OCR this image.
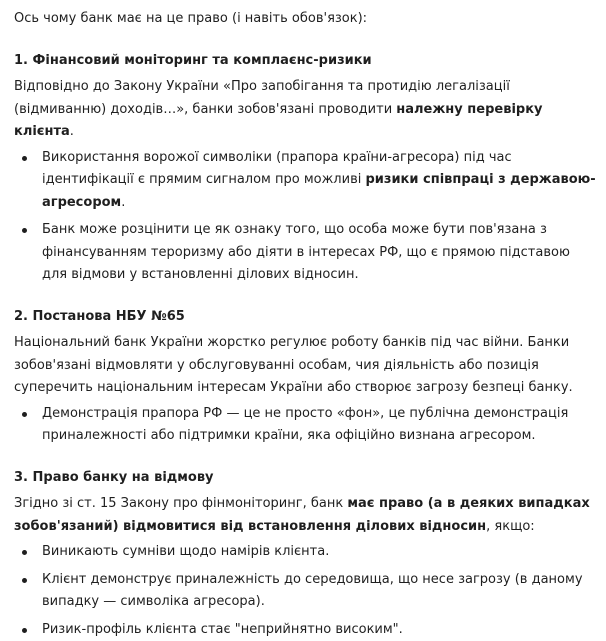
Ось чому банк має на це право (і навіть обов'язок):

1. Фінансовий моніторинг та комплаєнс-ризики

Відповідно до Закону України «Про запобігання та протидію легалізації (відмиванню) доходів…», банки зобов'язані проводити належну перевірку клієнта.

Використання ворожої символіки (прапора країни-агресора) під час ідентифікації є прямим сигналом про можливі ризики співпраці з державою-агресором.
Банк може розцінити це як ознаку того, що особа може бути пов'язана з фінансуванням тероризму або діяти в інтересах РФ, що є прямою підставою для відмови у встановленні ділових відносин.

2. Постанова НБУ №65

Національний банк України жорстко регулює роботу банків під час війни. Банки зобов'язані відмовляти у обслуговуванні особам, чия діяльність або позиція суперечить національним інтересам України або створює загрозу безпеці банку.

Демонстрація прапора РФ — це не просто «фон», це публічна демонстрація приналежності або підтримки країни, яка офіційно визнана агресором.

3. Право банку на відмову

Згідно зі ст. 15 Закону про фінмоніторинг, банк має право (а в деяких випадках зобов'язаний) відмовитися від встановлення ділових відносин, якщо:

Виникають сумніви щодо намірів клієнта.
Клієнт демонструє приналежність до середовища, що несе загрозу (в даному випадку — символіка агресора).
Ризик-профіль клієнта стає "неприйнятно високим".
